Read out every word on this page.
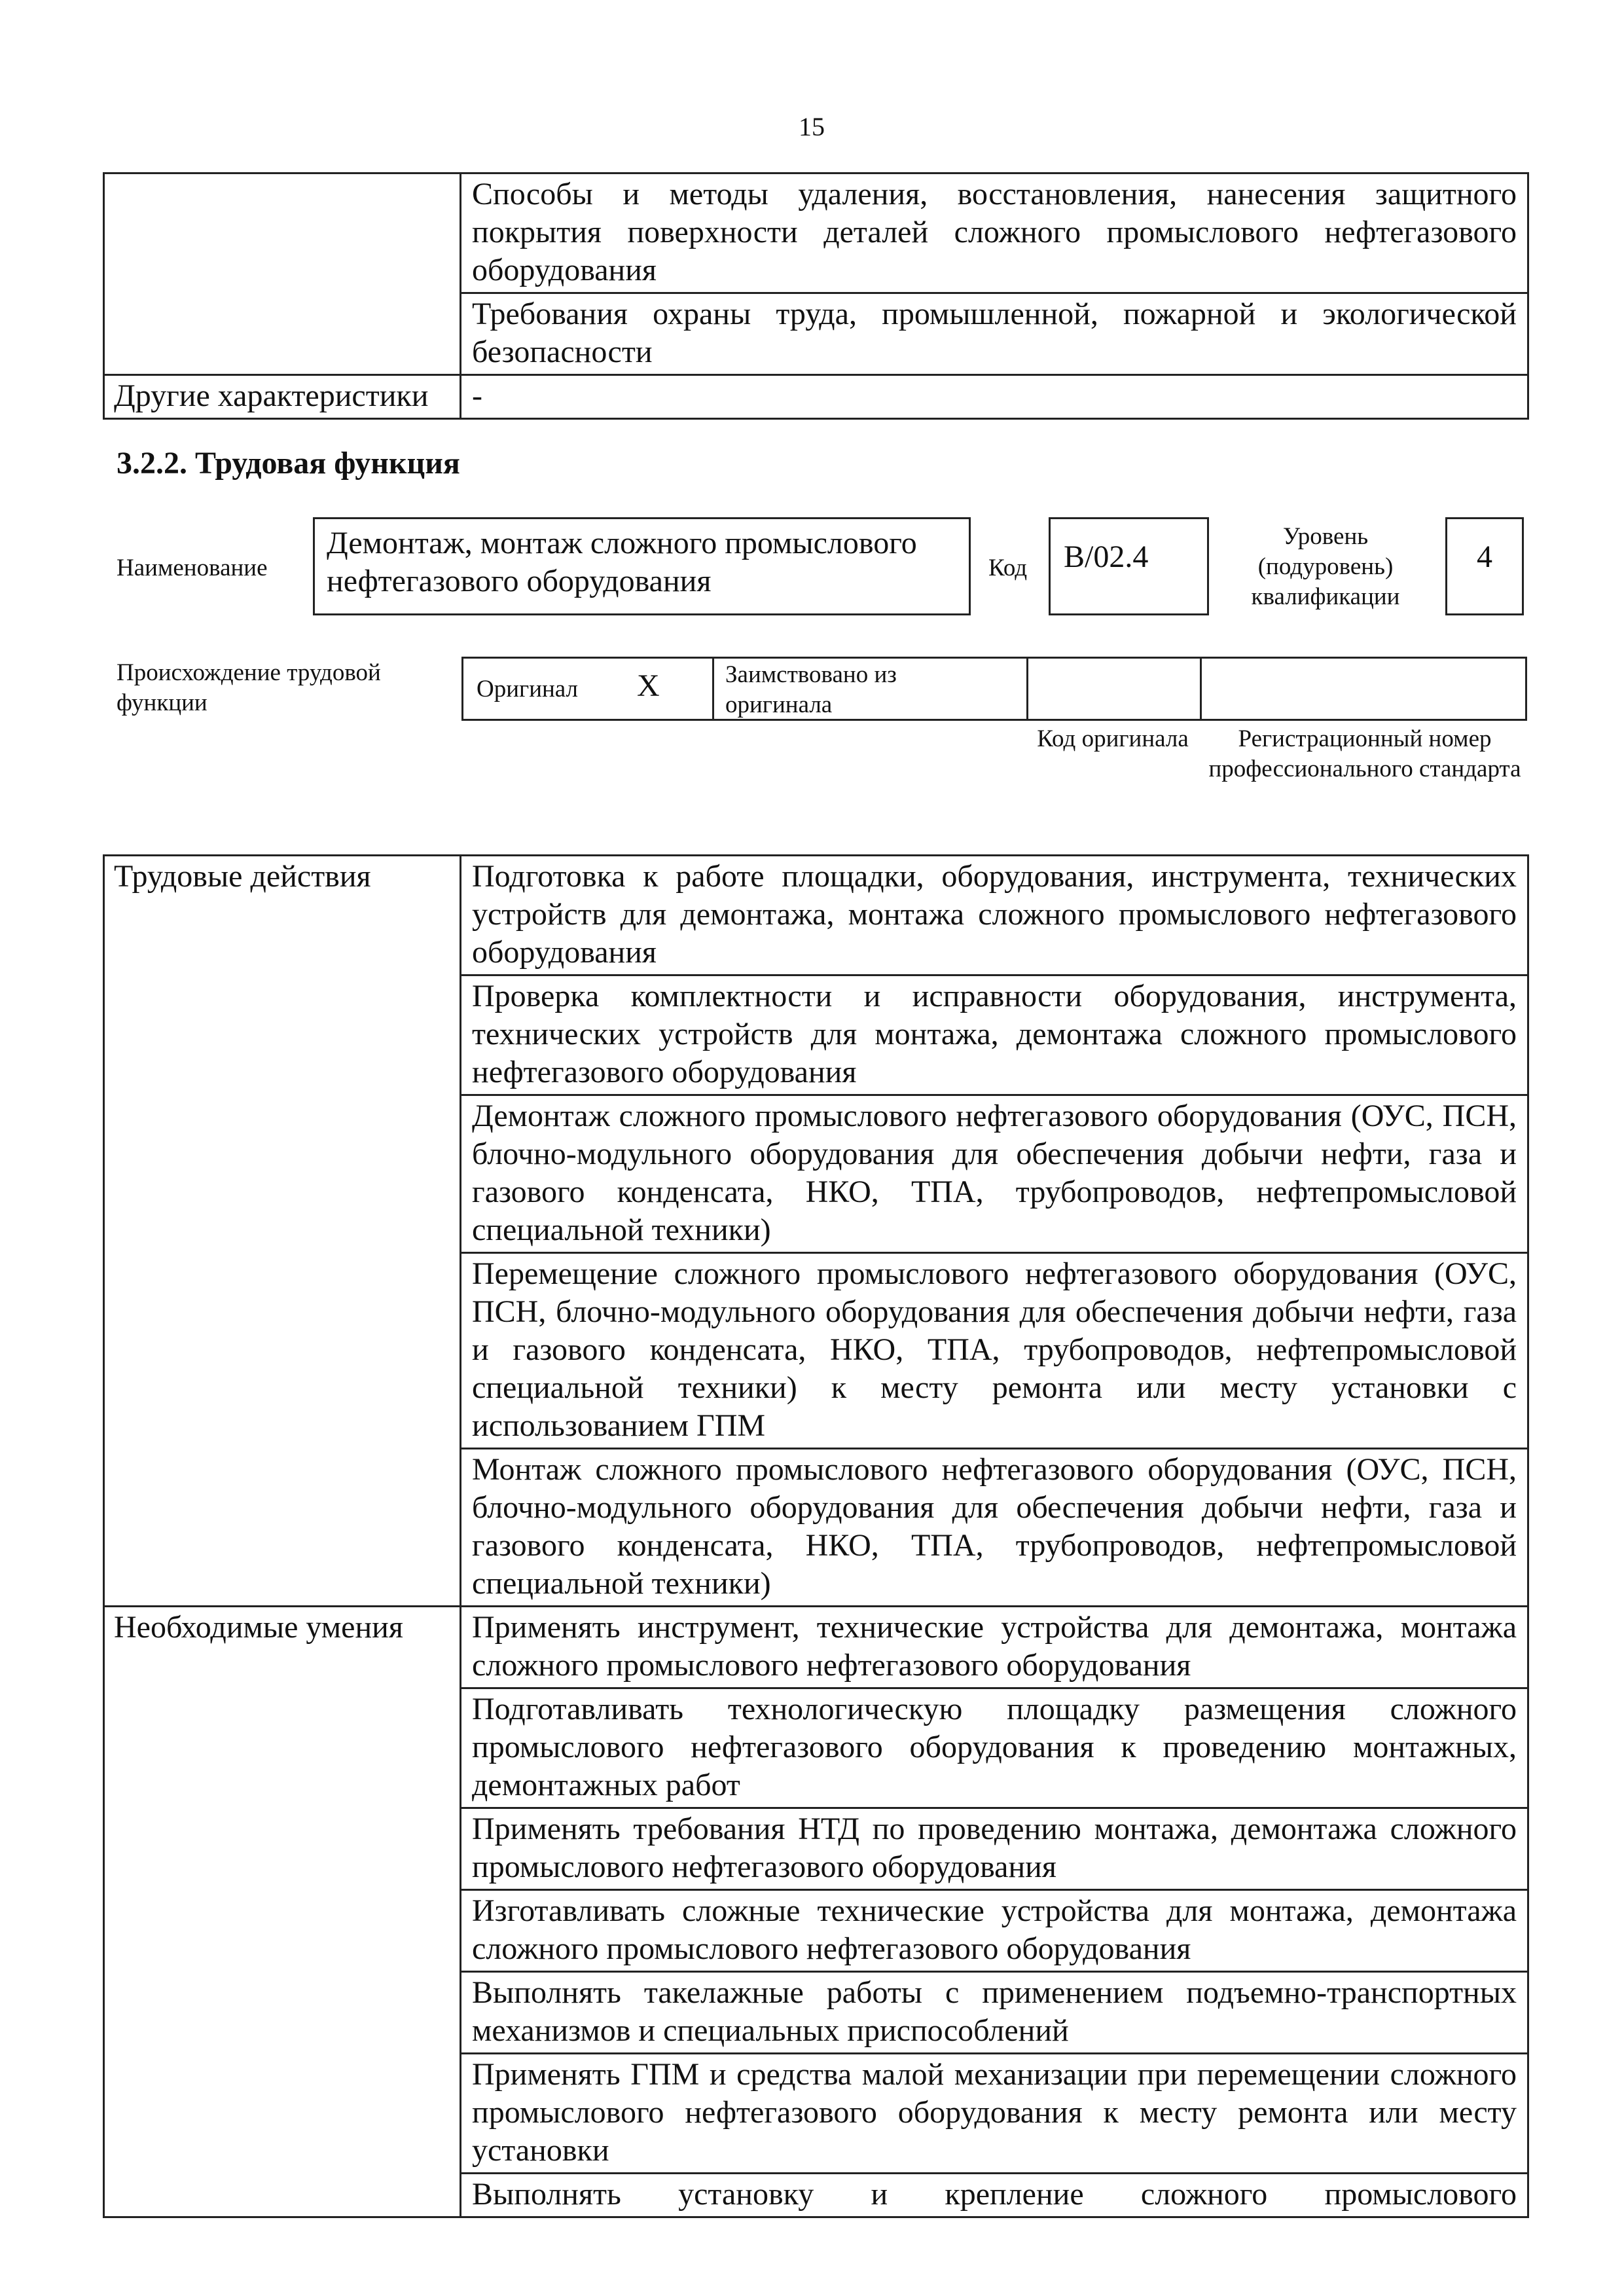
15
	Способы и методы удаления, восстановления, нанесения защитного покрытия поверхности деталей сложного промыслового нефтегазового оборудования
	Требования охраны труда, промышленной, пожарной и экологической безопасности
Другие характеристики	-
3.2.2. Трудовая функция
Наименование
Демонтаж, монтаж сложного промыслового нефтегазового оборудования	Код	B/02.4
Уровень (подуровень) квалификации
4
Происхождение трудовой функции
Оригинал X	Заимствовано из оригинала
Код оригинала	Регистрационный номер профессионального стандарта
Трудовые действия	Подготовка к работе площадки, оборудования, инструмента, технических устройств для демонтажа, монтажа сложного промыслового нефтегазового оборудования
	Проверка комплектности и исправности оборудования, инструмента, технических устройств для монтажа, демонтажа сложного промыслового нефтегазового оборудования
	Демонтаж сложного промыслового нефтегазового оборудования (ОУС, ПСН, блочно-модульного оборудования для обеспечения добычи нефти, газа и газового конденсата, НКО, ТПА, трубопроводов, нефтепромысловой специальной техники)
	Перемещение сложного промыслового нефтегазового оборудования (ОУС, ПСН, блочно-модульного оборудования для обеспечения добычи нефти, газа и газового конденсата, НКО, ТПА, трубопроводов, нефтепромысловой специальной техники) к месту ремонта или месту установки с использованием ГПМ
	Монтаж сложного промыслового нефтегазового оборудования (ОУС, ПСН, блочно-модульного оборудования для обеспечения добычи нефти, газа и газового конденсата, НКО, ТПА, трубопроводов, нефтепромысловой специальной техники)
Необходимые умения	Применять инструмент, технические устройства для демонтажа, монтажа сложного промыслового нефтегазового оборудования
	Подготавливать технологическую площадку размещения сложного промыслового нефтегазового оборудования к проведению монтажных, демонтажных работ
	Применять требования НТД по проведению монтажа, демонтажа сложного промыслового нефтегазового оборудования
	Изготавливать сложные технические устройства для монтажа, демонтажа сложного промыслового нефтегазового оборудования
	Выполнять такелажные работы с применением подъемно-транспортных механизмов и специальных приспособлений
	Применять ГПМ и средства малой механизации при перемещении сложного промыслового нефтегазового оборудования к месту ремонта или месту установки
	Выполнять установку и крепление сложного промыслового
